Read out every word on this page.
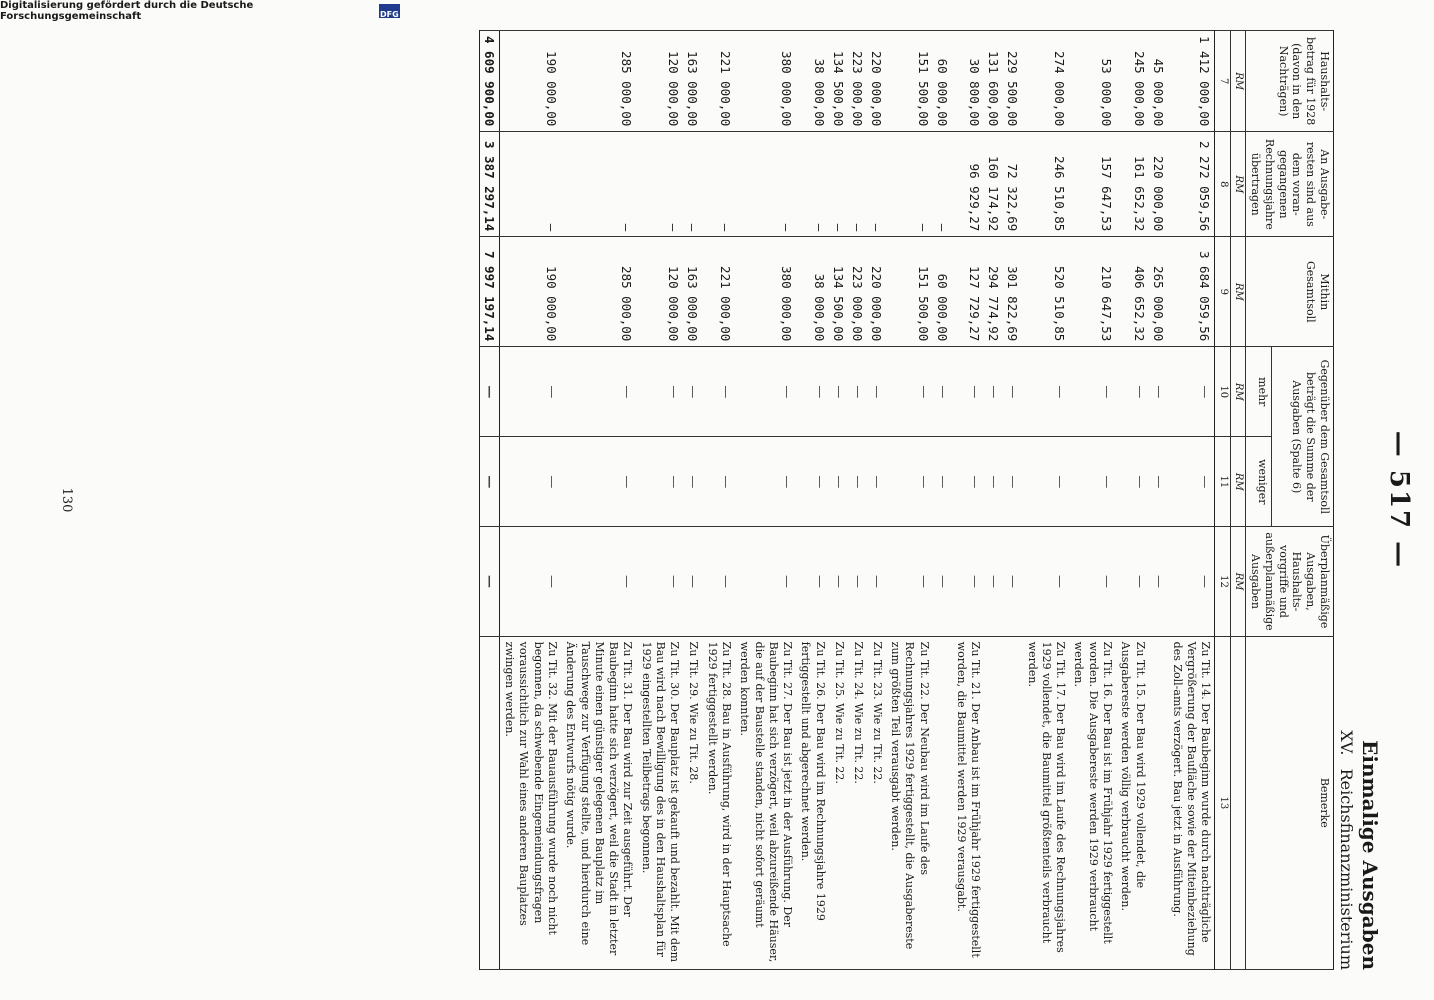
— 517 —
Einmalige Ausgaben
XV. Reichsfinanzministerium
Haushalts-betrag für 1928 (davon in den Nachträgen)	An Ausgabe-resten sind aus dem voran-gegangenen Rechnungsjahre übertragen	Mithin Gesamtsoll	Gegenüber dem Gesamtsoll beträgt die Summe der Ausgaben (Spalte 6)		Überplanmäßige Ausgaben, Haushalts-vorgriffe und außerplanmäßige Ausgaben	Bemerke
			mehr	weniger		
RM	RM	RM	RM	RM	RM	
7	8	9	10	11	12	13
1 412 000,00	2 272 059,56	3 684 059,56	—	—	—	Zu Tit. 14. Der Baubeginn wurde durch nachträgliche Vergrößerung der Baufläche sowie der Miteinbeziehung des Zoll-amts verzögert. Bau jetzt in Ausführung.
45 000,00	220 000,00	265 000,00	—	—	—	
245 000,00	161 652,32	406 652,32	—	—	—	Zu Tit. 15. Der Bau wird 1929 vollendet, die Ausgabereste werden völlig verbraucht werden.
53 000,00	157 647,53	210 647,53	—	—	—	Zu Tit. 16. Der Bau ist im Frühjahr 1929 fertiggestellt worden. Die Ausgabereste werden 1929 verbraucht werden.
274 000,00	246 510,85	520 510,85	—	—	—	Zu Tit. 17. Der Bau wird im Laufe des Rechnungsjahres 1929 vollendet, die Baumittel größtenteils verbraucht werden.
229 500,00	72 322,69	301 822,69	—	—	—	
131 600,00	160 174,92	294 774,92	—	—	—	
30 800,00	96 929,27	127 729,27	—	—	—	Zu Tit. 21. Der Anbau ist im Frühjahr 1929 fertiggestellt worden, die Baumittel werden 1929 verausgabt.
60 000,00	—	60 000,00	—	—	—	
151 500,00	—	151 500,00	—	—	—	Zu Tit. 22. Der Neubau wird im Laufe des Rechnungsjahres 1929 fertiggestellt, die Ausgabereste zum größten Teil verausgabt werden.
220 000,00	—	220 000,00	—	—	—	Zu Tit. 23. Wie zu Tit. 22.
223 000,00	—	223 000,00	—	—	—	Zu Tit. 24. Wie zu Tit. 22.
134 500,00	—	134 500,00	—	—	—	Zu Tit. 25. Wie zu Tit. 22.
38 000,00	—	38 000,00	—	—	—	Zu Tit. 26. Der Bau wird im Rechnungsjahre 1929 fertiggestellt und abgerechnet werden.
380 000,00	—	380 000,00	—	—	—	Zu Tit. 27. Der Bau ist jetzt in der Ausführung. Der Baubeginn hat sich verzögert, weil abzureißende Häuser, die auf der Baustelle standen, nicht sofort geräumt werden konnten.
221 000,00	—	221 000,00	—	—	—	Zu Tit. 28. Bau in Ausführung, wird in der Hauptsache 1929 fertiggestellt werden.
163 000,00	—	163 000,00	—	—	—	Zu Tit. 29. Wie zu Tit. 28.
120 000,00	—	120 000,00	—	—	—	Zu Tit. 30. Der Bauplatz ist gekauft und bezahlt. Mit dem Bau wird nach Bewilligung des in den Haushaltsplan für 1929 eingestellten Teilbetrags begonnen.
285 000,00	—	285 000,00	—	—	—	Zu Tit. 31. Der Bau wird zur Zeit ausgeführt. Der Baubeginn hatte sich verzögert, weil die Stadt in letzter Minute einen günstiger gelegenen Bauplatz im Tauschwege zur Verfügung stellte, und hierdurch eine Änderung des Entwurfs nötig wurde.
190 000,00	—	190 000,00	—	—	—	Zu Tit. 32. Mit der Bauausführung wurde noch nicht begonnen, da schwebende Eingemeindungsfragen voraussichtlich zur Wahl eines anderen Bauplatzes zwingen werden.
4 609 900,00	3 387 297,14	7 997 197,14	—	—	—	
130
Digitalisierung gefördert durch die Deutsche Forschungsgemeinschaft	DFG
